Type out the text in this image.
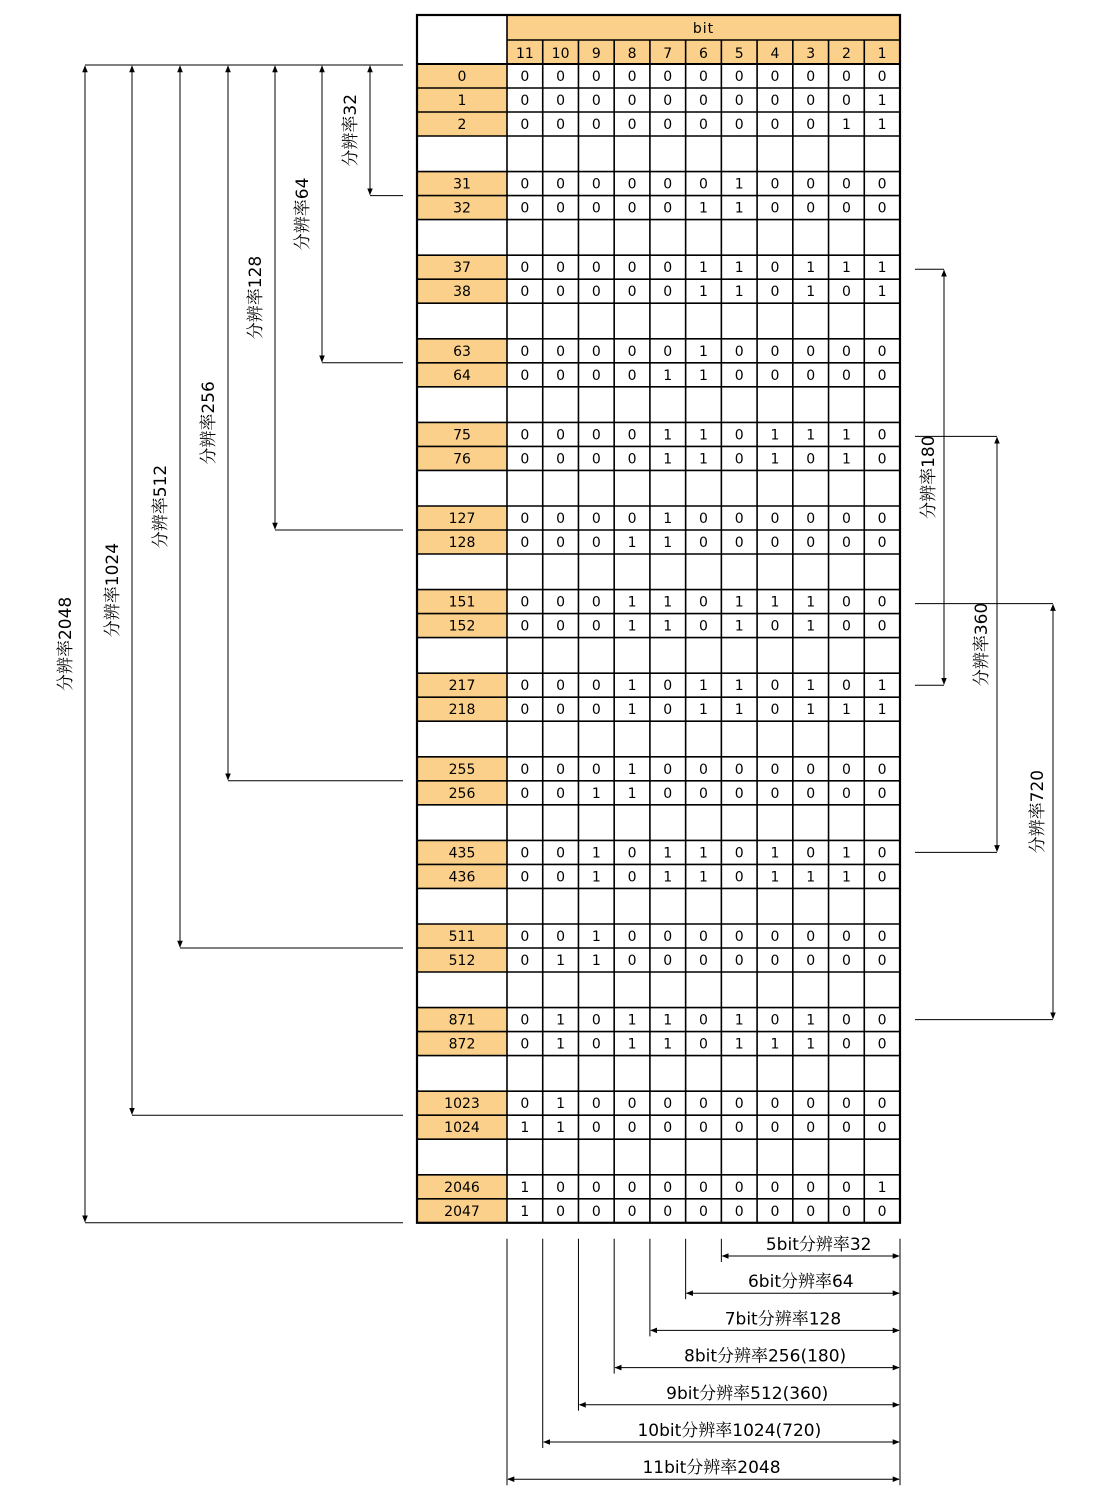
bit
11 10 9 8 7 6 5 4 3 2 1
0	0 0 0 0 0 0 0 0 0 0 0
1	0 0 0 0 0 0 0 0 0 0 1
2	0 0 0 0 0 0 0 0 0 1 1
31	0 0 0 0 0 0 1 0 0 0 0
32	0 0 0 0 0 1 1 0 0 0 0
37	0 0 0 0 0 1 1 0 1 1 1
38	0 0 0 0 0 1 1 0 1 0 1
63	0 0 0 0 0 1 0 0 0 0 0
64	0 0 0 0 1 1 0 0 0 0 0
75	0 0 0 0 1 1 0 1 1 1 0
76	0 0 0 0 1 1 0 1 0 1 0
127	0 0 0 0 1 0 0 0 0 0 0
128	0 0 0 1 1 0 0 0 0 0 0
151	0 0 0 1 1 0 1 1 1 0 0
152	0 0 0 1 1 0 1 0 1 0 0
217	0 0 0 1 0 1 1 0 1 0 1
218	0 0 0 1 0 1 1 0 1 1 1
255	0 0 0 1 0 0 0 0 0 0 0
256	0 0 1 1 0 0 0 0 0 0 0
435	0 0 1 0 1 1 0 1 0 1 0
436	0 0 1 0 1 1 0 1 1 1 0
511	0 0 1 0 0 0 0 0 0 0 0
512	0 1 1 0 0 0 0 0 0 0 0
871	0 1 0 1 1 0 1 0 1 0 0
872	0 1 0 1 1 0 1 1 1 0 0
1023	0 1 0 0 0 0 0 0 0 0 0
1024	1 1 0 0 0 0 0 0 0 0 0
2046	1 0 0 0 0 0 0 0 0 0 1
2047	1 0 0 0 0 0 0 0 0 0 0
分辨率32
分辨率64
分辨率128
分辨率256
分辨率512
分辨率1024
分辨率2048
分辨率180
分辨率360
分辨率720
5bit分辨率32
6bit分辨率64
7bit分辨率128
8bit分辨率256(180)
9bit分辨率512(360)
10bit分辨率1024(720)
11bit分辨率2048
